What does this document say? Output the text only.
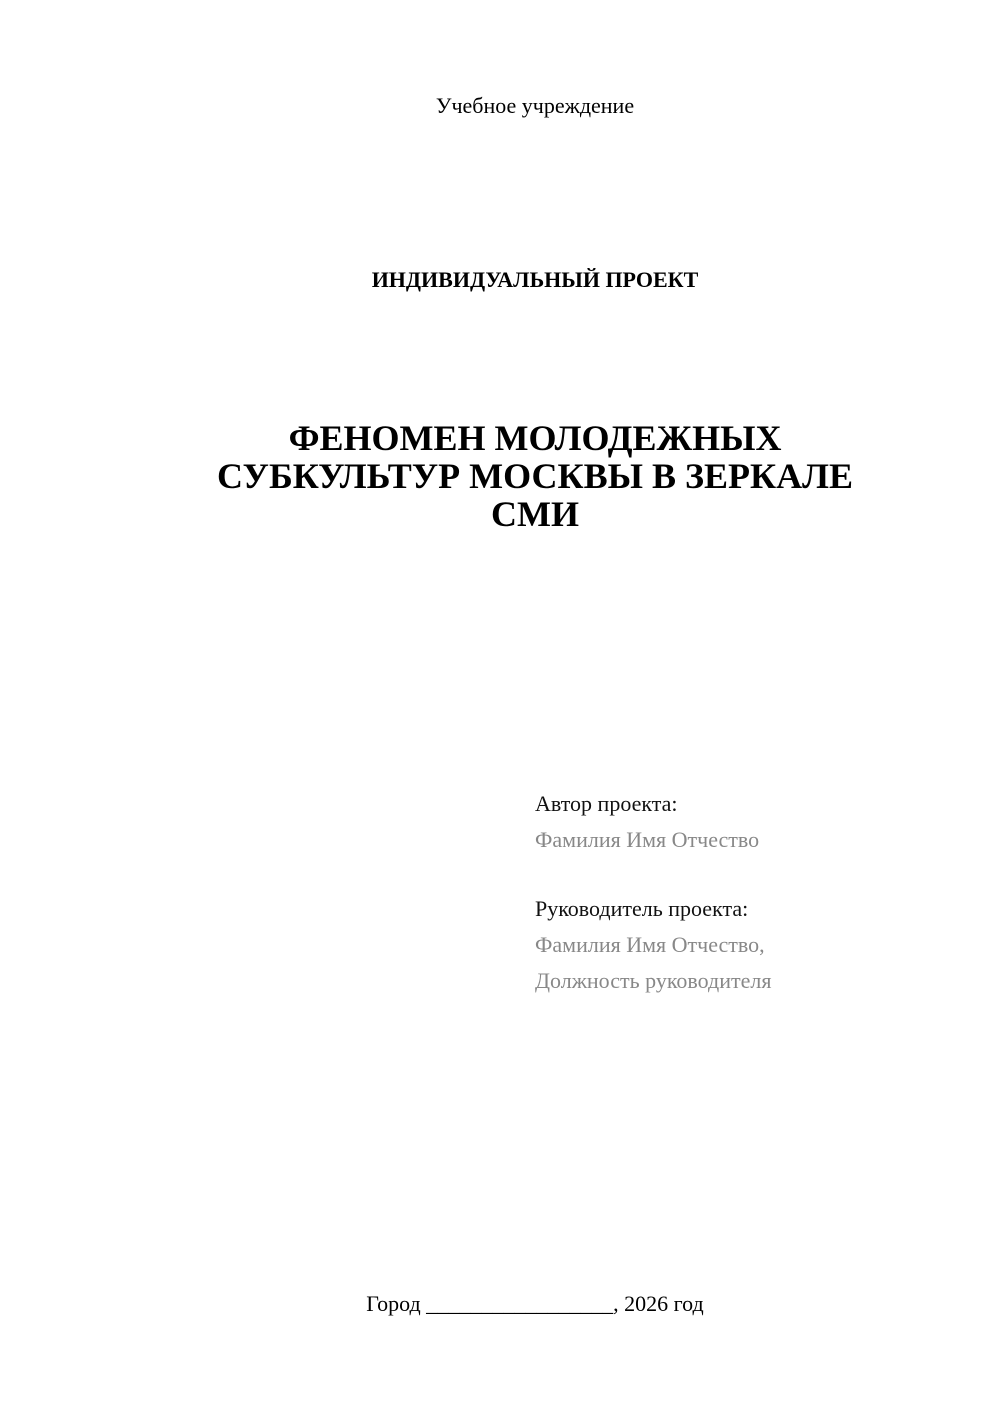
Учебное учреждение
ИНДИВИДУАЛЬНЫЙ ПРОЕКТ
ФЕНОМЕН МОЛОДЕЖНЫХ
СУБКУЛЬТУР МОСКВЫ В ЗЕРКАЛЕ
СМИ
Автор проекта:
Фамилия Имя Отчество
Руководитель проекта:
Фамилия Имя Отчество,
Должность руководителя
Город _________________, 2026 год
